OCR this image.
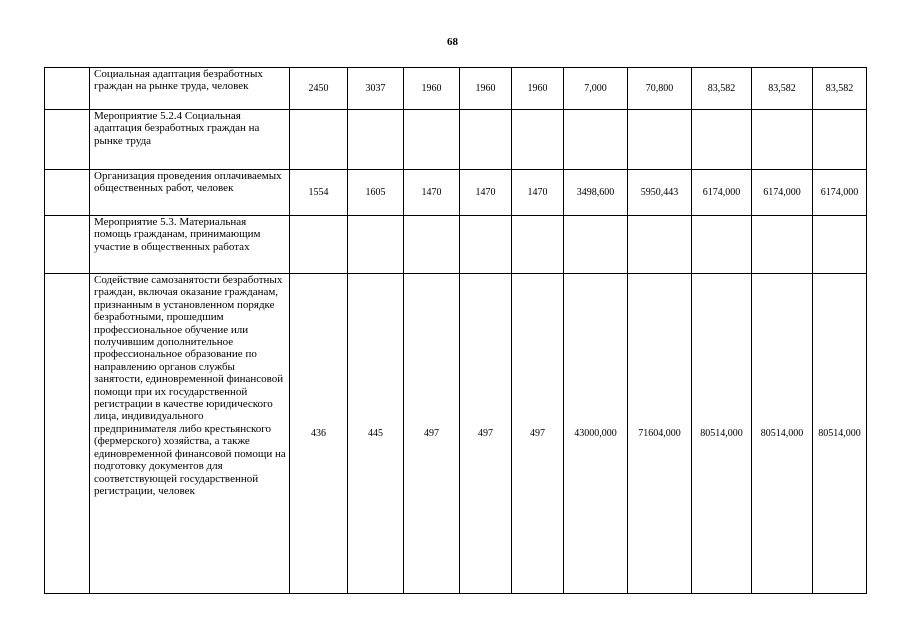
68
	Социальная адаптация безработных граждан на рынке труда, человек	2450	3037	1960	1960	1960	7,000	70,800	83,582	83,582	83,582
	Мероприятие 5.2.4 Социальная адаптация безработных граждан на рынке труда										
	Организация проведения оплачиваемых общественных работ, человек	1554	1605	1470	1470	1470	3498,600	5950,443	6174,000	6174,000	6174,000
	Мероприятие 5.3. Материальная помощь гражданам, принимающим участие в общественных работах										
	Содействие самозанятости безработных граждан, включая оказание гражданам, признанным в установленном порядке безработными, прошедшим профессиональное обучение или получившим дополнительное профессиональное образование по направлению органов службы занятости, единовременной финансовой помощи при их государственной регистрации в качестве юридического лица, индивидуального предпринимателя либо крестьянского (фермерского) хозяйства, а также единовременной финансовой помощи на подготовку документов для соответствующей государственной регистрации, человек	436	445	497	497	497	43000,000	71604,000	80514,000	80514,000	80514,000
